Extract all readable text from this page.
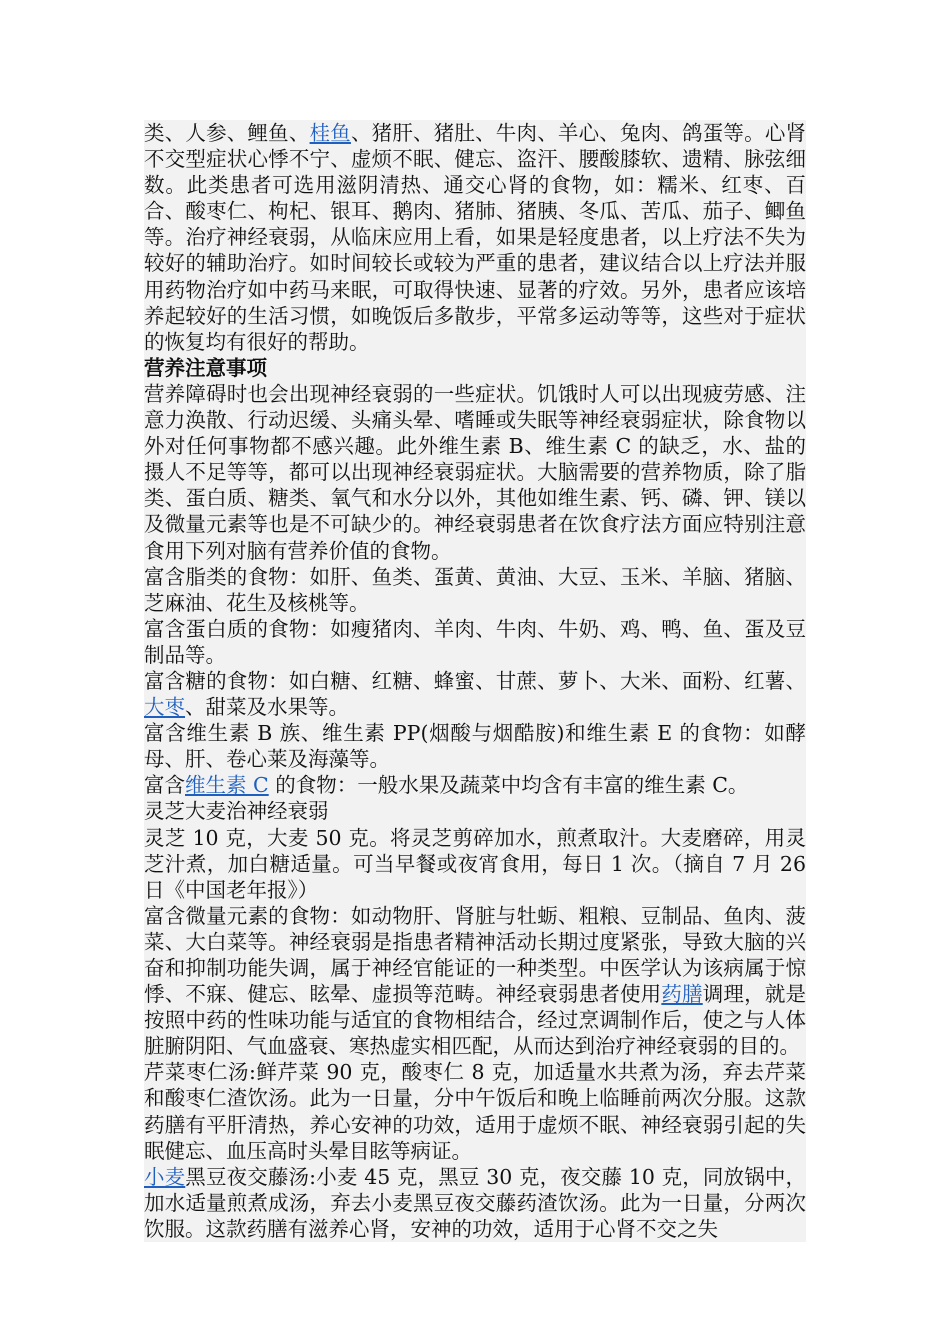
类、人参、鲤鱼、桂鱼、猪肝、猪肚、牛肉、羊心、兔肉、鸽蛋等。心肾不交型症状心悸不宁、虚烦不眠、健忘、盗汗、腰酸膝软、遗精、脉弦细数。此类患者可选用滋阴清热、通交心肾的食物，如：糯米、红枣、百合、酸枣仁、枸杞、银耳、鹅肉、猪肺、猪胰、冬瓜、苦瓜、茄子、鲫鱼等。治疗神经衰弱，从临床应用上看，如果是轻度患者，以上疗法不失为较好的辅助治疗。如时间较长或较为严重的患者，建议结合以上疗法并服用药物治疗如中药马来眠，可取得快速、显著的疗效。另外，患者应该培养起较好的生活习惯，如晚饭后多散步，平常多运动等等，这些对于症状的恢复均有很好的帮助。

营养注意事项

营养障碍时也会出现神经衰弱的一些症状。饥饿时人可以出现疲劳感、注意力涣散、行动迟缓、头痛头晕、嗜睡或失眠等神经衰弱症状，除食物以外对任何事物都不感兴趣。此外维生素 B、维生素 C 的缺乏，水、盐的摄人不足等等，都可以出现神经衰弱症状。大脑需要的营养物质，除了脂类、蛋白质、糖类、氧气和水分以外，其他如维生素、钙、磷、钾、镁以及微量元素等也是不可缺少的。神经衰弱患者在饮食疗法方面应特别注意食用下列对脑有营养价值的食物。

富含脂类的食物：如肝、鱼类、蛋黄、黄油、大豆、玉米、羊脑、猪脑、芝麻油、花生及核桃等。

富含蛋白质的食物：如瘦猪肉、羊肉、牛肉、牛奶、鸡、鸭、鱼、蛋及豆制品等。

富含糖的食物：如白糖、红糖、蜂蜜、甘蔗、萝卜、大米、面粉、红薯、大枣、甜菜及水果等。

富含维生素 B 族、维生素 PP(烟酸与烟酷胺)和维生素 E 的食物：如酵母、肝、卷心莱及海藻等。

富含维生素 C 的食物：一般水果及蔬菜中均含有丰富的维生素 C。

灵芝大麦治神经衰弱

灵芝 10 克，大麦 50 克。将灵芝剪碎加水，煎煮取汁。大麦磨碎，用灵芝汁煮，加白糖适量。可当早餐或夜宵食用，每日 1 次。（摘自 7 月 26 日《中国老年报》）

富含微量元素的食物：如动物肝、肾脏与牡蛎、粗粮、豆制品、鱼肉、菠菜、大白菜等。神经衰弱是指患者精神活动长期过度紧张，导致大脑的兴奋和抑制功能失调，属于神经官能证的一种类型。中医学认为该病属于惊悸、不寐、健忘、眩晕、虚损等范畴。神经衰弱患者使用药膳调理，就是按照中药的性味功能与适宜的食物相结合，经过烹调制作后，使之与人体脏腑阴阳、气血盛衰、寒热虚实相匹配，从而达到治疗神经衰弱的目的。

芹菜枣仁汤:鲜芹菜 90 克，酸枣仁 8 克，加适量水共煮为汤，弃去芹菜和酸枣仁渣饮汤。此为一日量，分中午饭后和晚上临睡前两次分服。这款药膳有平肝清热，养心安神的功效，适用于虚烦不眠、神经衰弱引起的失眠健忘、血压高时头晕目眩等病证。

小麦黑豆夜交藤汤:小麦 45 克，黑豆 30 克，夜交藤 10 克，同放锅中，加水适量煎煮成汤，弃去小麦黑豆夜交藤药渣饮汤。此为一日量，分两次饮服。这款药膳有滋养心肾，安神的功效，适用于心肾不交之失
